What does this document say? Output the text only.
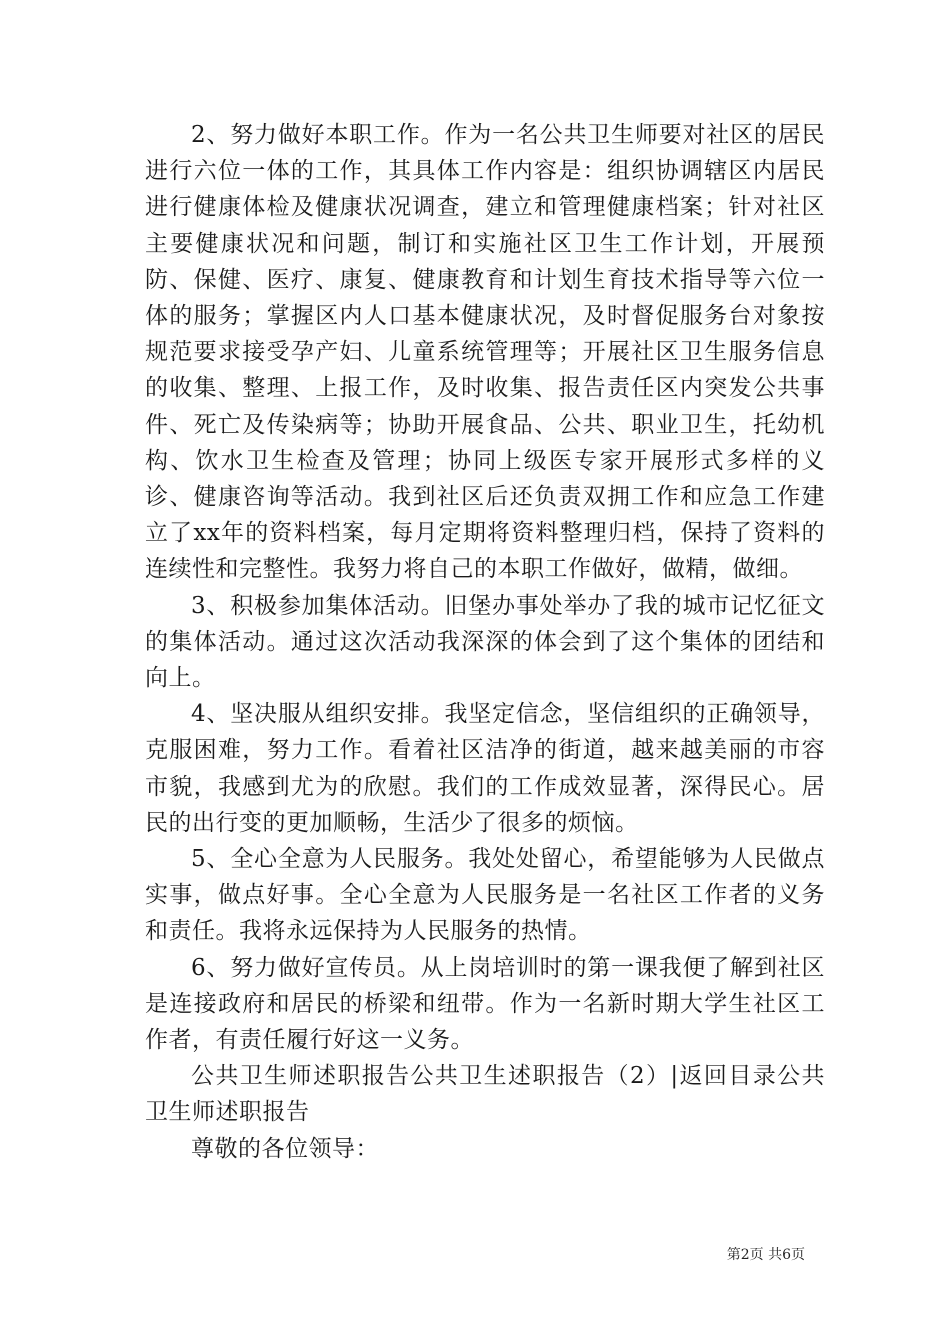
2、努力做好本职工作。作为一名公共卫生师要对社区的居民进行六位一体的工作，其具体工作内容是：组织协调辖区内居民进行健康体检及健康状况调查，建立和管理健康档案；针对社区主要健康状况和问题，制订和实施社区卫生工作计划，开展预防、保健、医疗、康复、健康教育和计划生育技术指导等六位一体的服务；掌握区内人口基本健康状况，及时督促服务台对象按规范要求接受孕产妇、儿童系统管理等；开展社区卫生服务信息的收集、整理、上报工作，及时收集、报告责任区内突发公共事件、死亡及传染病等；协助开展食品、公共、职业卫生，托幼机构、饮水卫生检查及管理；协同上级医专家开展形式多样的义诊、健康咨询等活动。我到社区后还负责双拥工作和应急工作建立了xx年的资料档案，每月定期将资料整理归档，保持了资料的连续性和完整性。我努力将自己的本职工作做好，做精，做细。

3、积极参加集体活动。旧堡办事处举办了我的城市记忆征文的集体活动。通过这次活动我深深的体会到了这个集体的团结和向上。

4、坚决服从组织安排。我坚定信念，坚信组织的正确领导，克服困难，努力工作。看着社区洁净的街道，越来越美丽的市容市貌，我感到尤为的欣慰。我们的工作成效显著，深得民心。居民的出行变的更加顺畅，生活少了很多的烦恼。

5、全心全意为人民服务。我处处留心，希望能够为人民做点实事，做点好事。全心全意为人民服务是一名社区工作者的义务和责任。我将永远保持为人民服务的热情。

6、努力做好宣传员。从上岗培训时的第一课我便了解到社区是连接政府和居民的桥梁和纽带。作为一名新时期大学生社区工作者，有责任履行好这一义务。

公共卫生师述职报告公共卫生述职报告（2）|返回目录公共卫生师述职报告

尊敬的各位领导：

第2页 共6页
